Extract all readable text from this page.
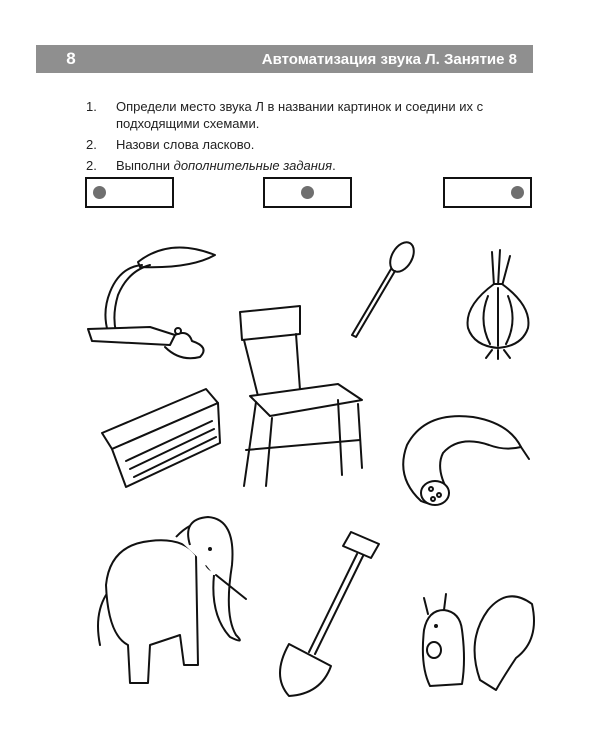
8	Автоматизация звука Л. Занятие 8
1.	Определи место звука Л в названии картинок и соедини их с подходящими схемами.
2.	Назови слова ласково.
2.	Выполни дополнительные задания.
